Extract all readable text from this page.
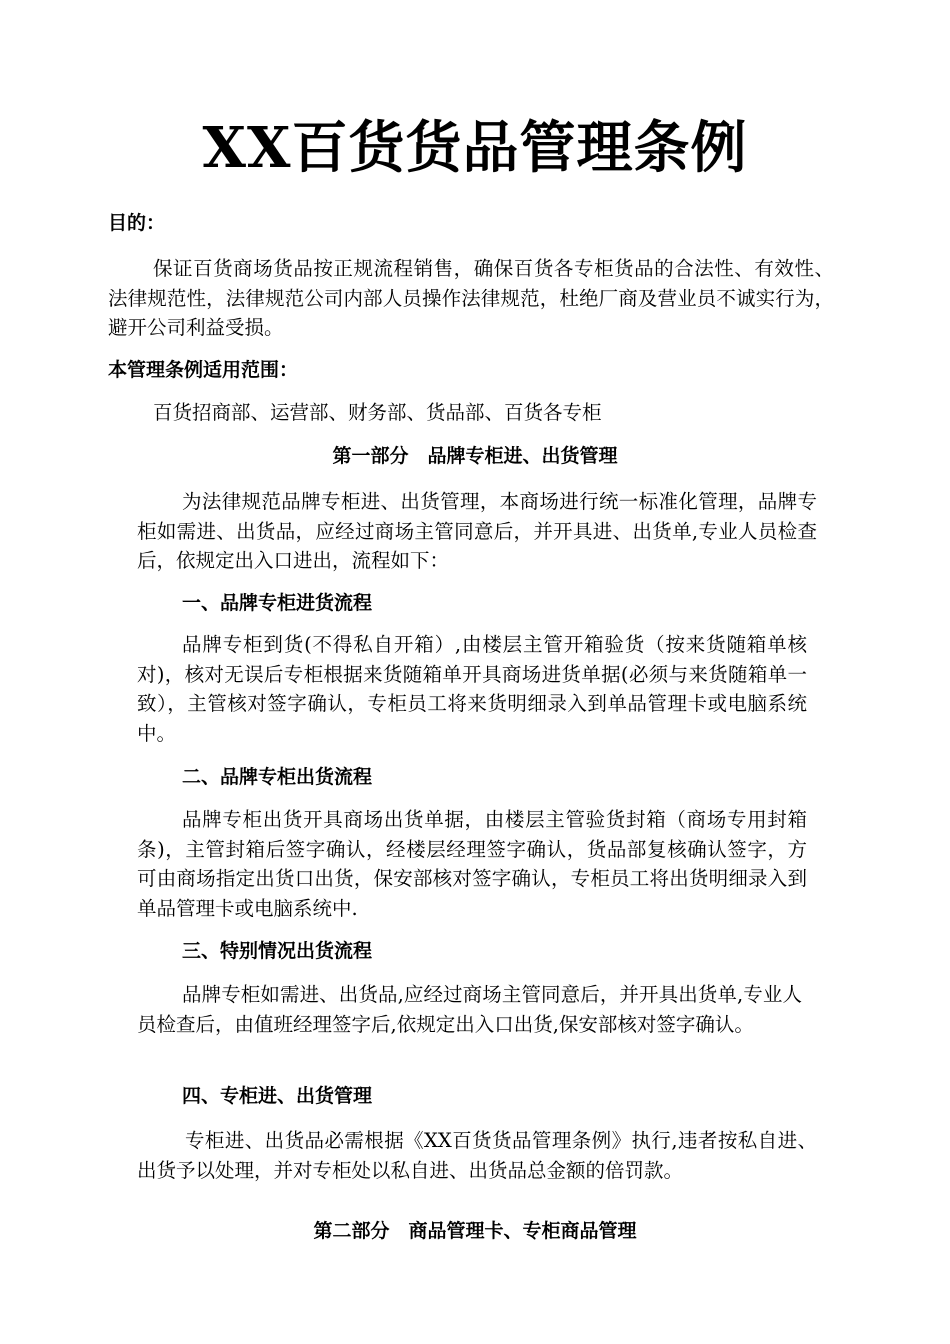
XX百货货品管理条例
目的：
保证百货商场货品按正规流程销售，确保百货各专柜货品的合法性、有效性、法律规范性，法律规范公司内部人员操作法律规范，杜绝厂商及营业员不诚实行为，避开公司利益受损。
本管理条例适用范围：
百货招商部、运营部、财务部、货品部、百货各专柜
第一部分　品牌专柜进、出货管理
为法律规范品牌专柜进、出货管理，本商场进行统一标准化管理，品牌专柜如需进、出货品，应经过商场主管同意后，并开具进、出货单,专业人员检查后，依规定出入口进出，流程如下：
一、品牌专柜进货流程
品牌专柜到货(不得私自开箱）,由楼层主管开箱验货（按来货随箱单核对)，核对无误后专柜根据来货随箱单开具商场进货单据(必须与来货随箱单一致），主管核对签字确认，专柜员工将来货明细录入到单品管理卡或电脑系统中。
二、品牌专柜出货流程
品牌专柜出货开具商场出货单据，由楼层主管验货封箱（商场专用封箱条)，主管封箱后签字确认，经楼层经理签字确认，货品部复核确认签字，方可由商场指定出货口出货，保安部核对签字确认，专柜员工将出货明细录入到单品管理卡或电脑系统中.
三、特别情况出货流程
品牌专柜如需进、出货品,应经过商场主管同意后，并开具出货单,专业人员检查后，由值班经理签字后,依规定出入口出货,保安部核对签字确认。
四、专柜进、出货管理
专柜进、出货品必需根据《XX百货货品管理条例》执行,违者按私自进、出货予以处理，并对专柜处以私自进、出货品总金额的倍罚款。
第二部分　商品管理卡、专柜商品管理
